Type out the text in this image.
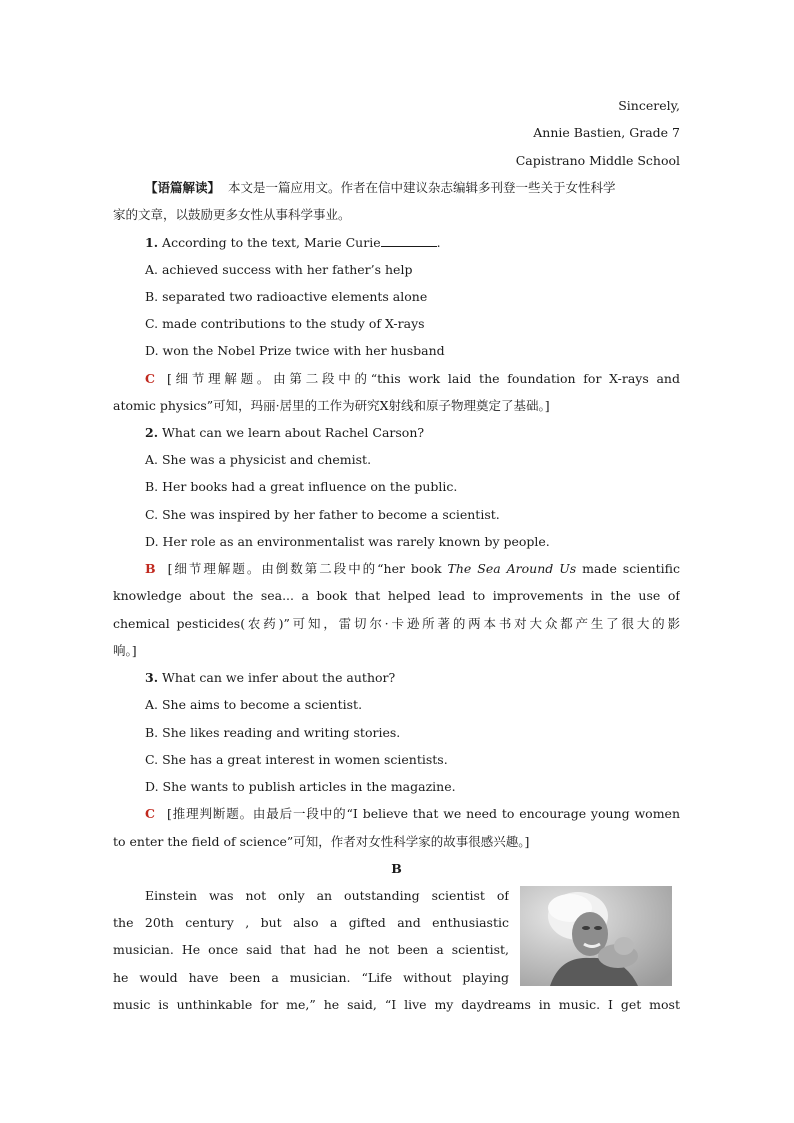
Sincerely,
Annie Bastien, Grade 7
Capistrano Middle School
【语篇解读】 本文是一篇应用文。作者在信中建议杂志编辑多刊登一些关于女性科学
家的文章，以鼓励更多女性从事科学事业。
1. According to the text, Marie Curie	.
A. achieved success with her father’s help
B. separated two radioactive elements alone
C. made contributions to the study of X-rays
D. won the Nobel Prize twice with her husband
C [细节理解题。由第二段中的“this work laid the foundation for X-rays and
atomic physics”可知，玛丽·居里的工作为研究X射线和原子物理奠定了基础。]
2. What can we learn about Rachel Carson?
A. She was a physicist and chemist.
B. Her books had a great influence on the public.
C. She was inspired by her father to become a scientist.
D. Her role as an environmentalist was rarely known by people.
B [细节理解题。由倒数第二段中的“her book The Sea Around Us made scientific
knowledge about the sea... a book that helped lead to improvements in the use of
chemical pesticides(农药)”可知，雷切尔·卡逊所著的两本书对大众都产生了很大的影
响。]
3. What can we infer about the author?
A. She aims to become a scientist.
B. She likes reading and writing stories.
C. She has a great interest in women scientists.
D. She wants to publish articles in the magazine.
C [推理判断题。由最后一段中的“I believe that we need to encourage young women
to enter the field of science”可知，作者对女性科学家的故事很感兴趣。]
B
Einstein was not only an outstanding scientist of
the 20th century , but also a gifted and enthusiastic
musician. He once said that had he not been a scientist,
he would have been a musician. “Life without playing
music is unthinkable for me,” he said, “I live my daydreams in music. I get most
